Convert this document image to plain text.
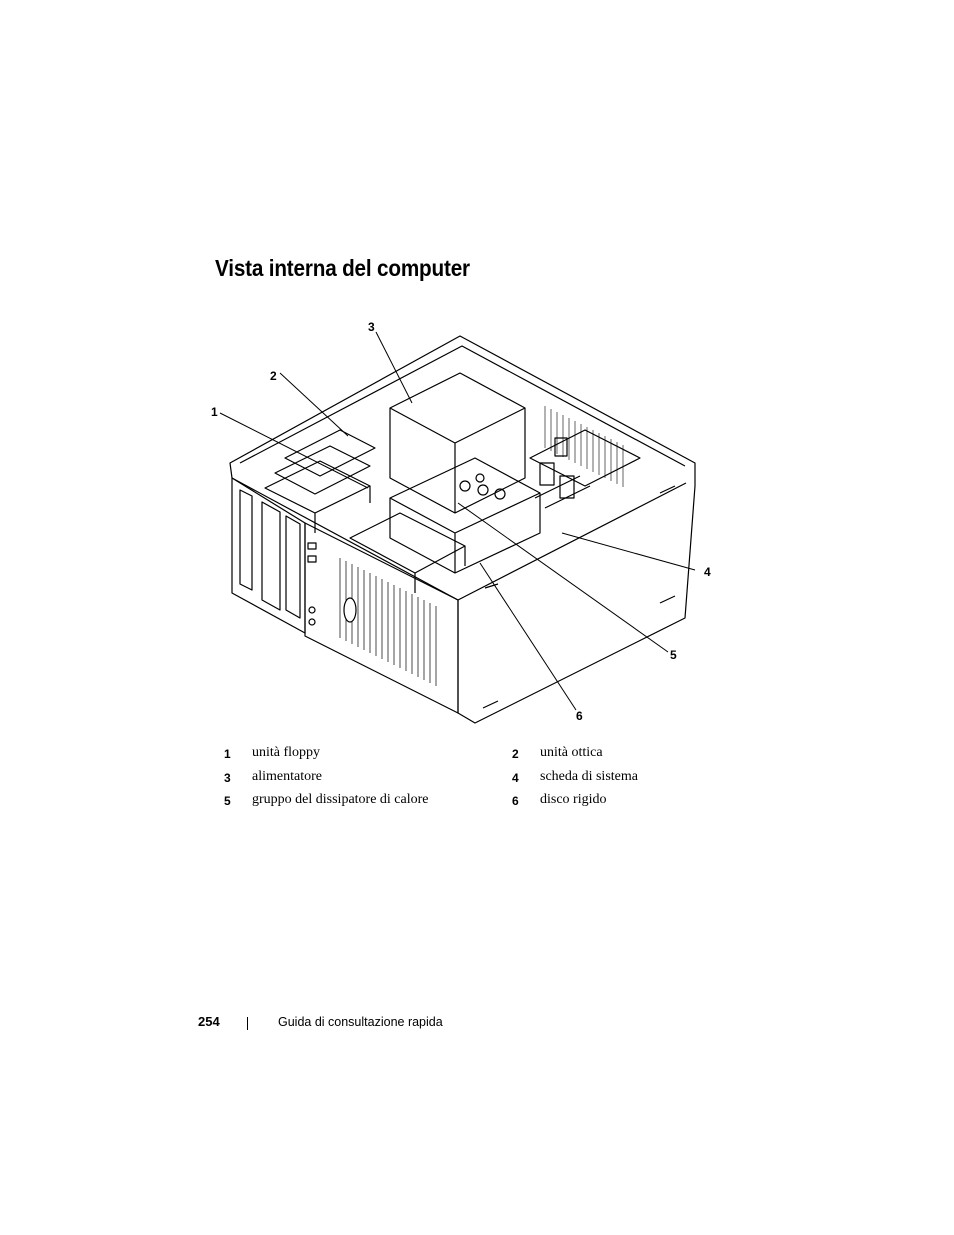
Vista interna del computer
1
2
3
4
5
6
1	unità floppy	2	unità ottica
3	alimentatore	4	scheda di sistema
5	gruppo del dissipatore di calore	6	disco rigido
254	Guida di consultazione rapida
